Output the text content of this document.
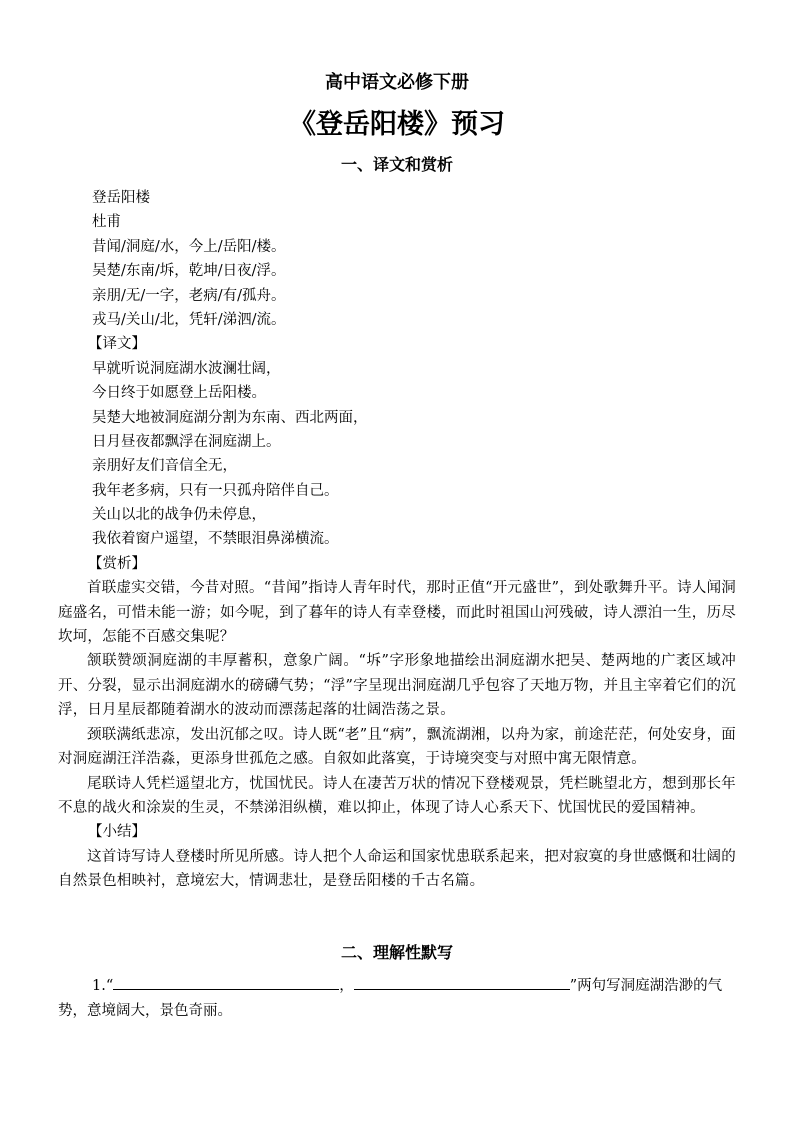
高中语文必修下册
《登岳阳楼》预习
一、译文和赏析
登岳阳楼
杜甫
昔闻/洞庭/水，今上/岳阳/楼。
吴楚/东南/坼，乾坤/日夜/浮。
亲朋/无/一字，老病/有/孤舟。
戎马/关山/北，凭轩/涕泗/流。
【译文】
早就听说洞庭湖水波澜壮阔，
今日终于如愿登上岳阳楼。
吴楚大地被洞庭湖分割为东南、西北两面，
日月昼夜都飘浮在洞庭湖上。
亲朋好友们音信全无，
我年老多病，只有一只孤舟陪伴自己。
关山以北的战争仍未停息，
我依着窗户遥望，不禁眼泪鼻涕横流。
【赏析】

首联虚实交错，今昔对照。“昔闻”指诗人青年时代，那时正值“开元盛世”，到处歌舞升平。诗人闻洞庭盛名，可惜未能一游；如今呢，到了暮年的诗人有幸登楼，而此时祖国山河残破，诗人漂泊一生，历尽坎坷，怎能不百感交集呢？

颔联赞颂洞庭湖的丰厚蓄积，意象广阔。“坼”字形象地描绘出洞庭湖水把吴、楚两地的广袤区域冲开、分裂，显示出洞庭湖水的磅礴气势；“浮”字呈现出洞庭湖几乎包容了天地万物，并且主宰着它们的沉浮，日月星辰都随着湖水的波动而漂荡起落的壮阔浩荡之景。

颈联满纸悲凉，发出沉郁之叹。诗人既“老”且“病”，飘流湖湘，以舟为家，前途茫茫，何处安身，面对洞庭湖汪洋浩淼，更添身世孤危之感。自叙如此落寞，于诗境突变与对照中寓无限情意。

尾联诗人凭栏遥望北方，忧国忧民。诗人在凄苦万状的情况下登楼观景，凭栏眺望北方，想到那长年不息的战火和涂炭的生灵，不禁涕泪纵横，难以抑止，体现了诗人心系天下、忧国忧民的爱国精神。

【小结】

这首诗写诗人登楼时所见所感。诗人把个人命运和国家忧患联系起来，把对寂寞的身世感慨和壮阔的自然景色相映衬，意境宏大，情调悲壮，是登岳阳楼的千古名篇。

二、理解性默写
1.“	，	”两句写洞庭湖浩渺的气势，意境阔大，景色奇丽。
